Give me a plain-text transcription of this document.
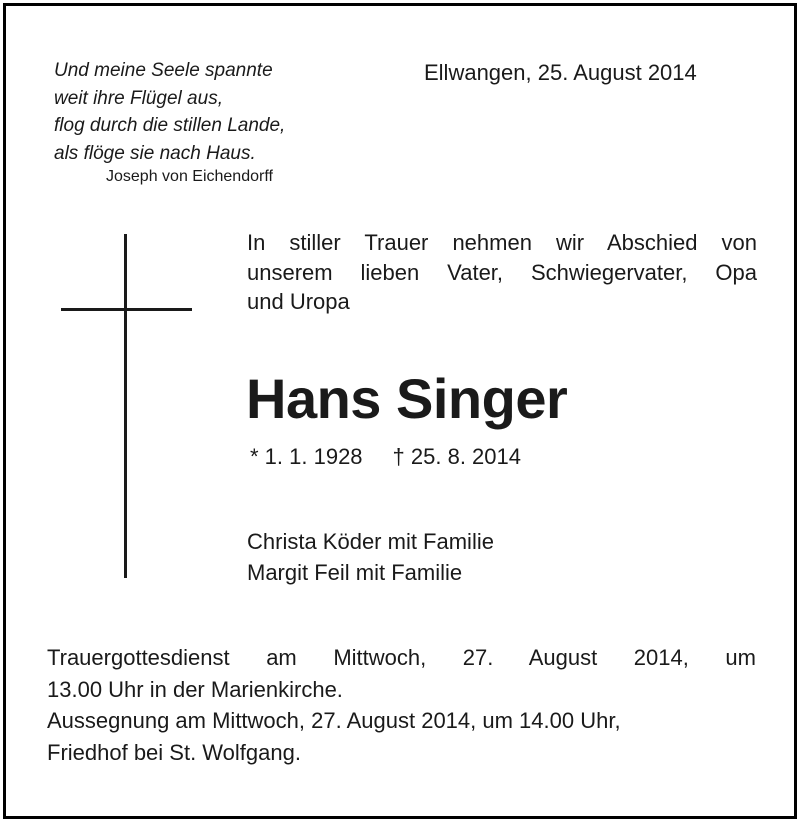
Und meine Seele spannte
weit ihre Flügel aus,
flog durch die stillen Lande,
als flöge sie nach Haus.
Joseph von Eichendorff
Ellwangen, 25. August 2014
In stiller Trauer nehmen wir Abschied von
unserem lieben Vater, Schwiegervater, Opa
und Uropa
Hans Singer
* 1. 1. 1928 † 25. 8. 2014
Christa Köder mit Familie
Margit Feil mit Familie
Trauergottesdienst am Mittwoch, 27. August 2014, um
13.00 Uhr in der Marienkirche.
Aussegnung am Mittwoch, 27. August 2014, um 14.00 Uhr,
Friedhof bei St. Wolfgang.
